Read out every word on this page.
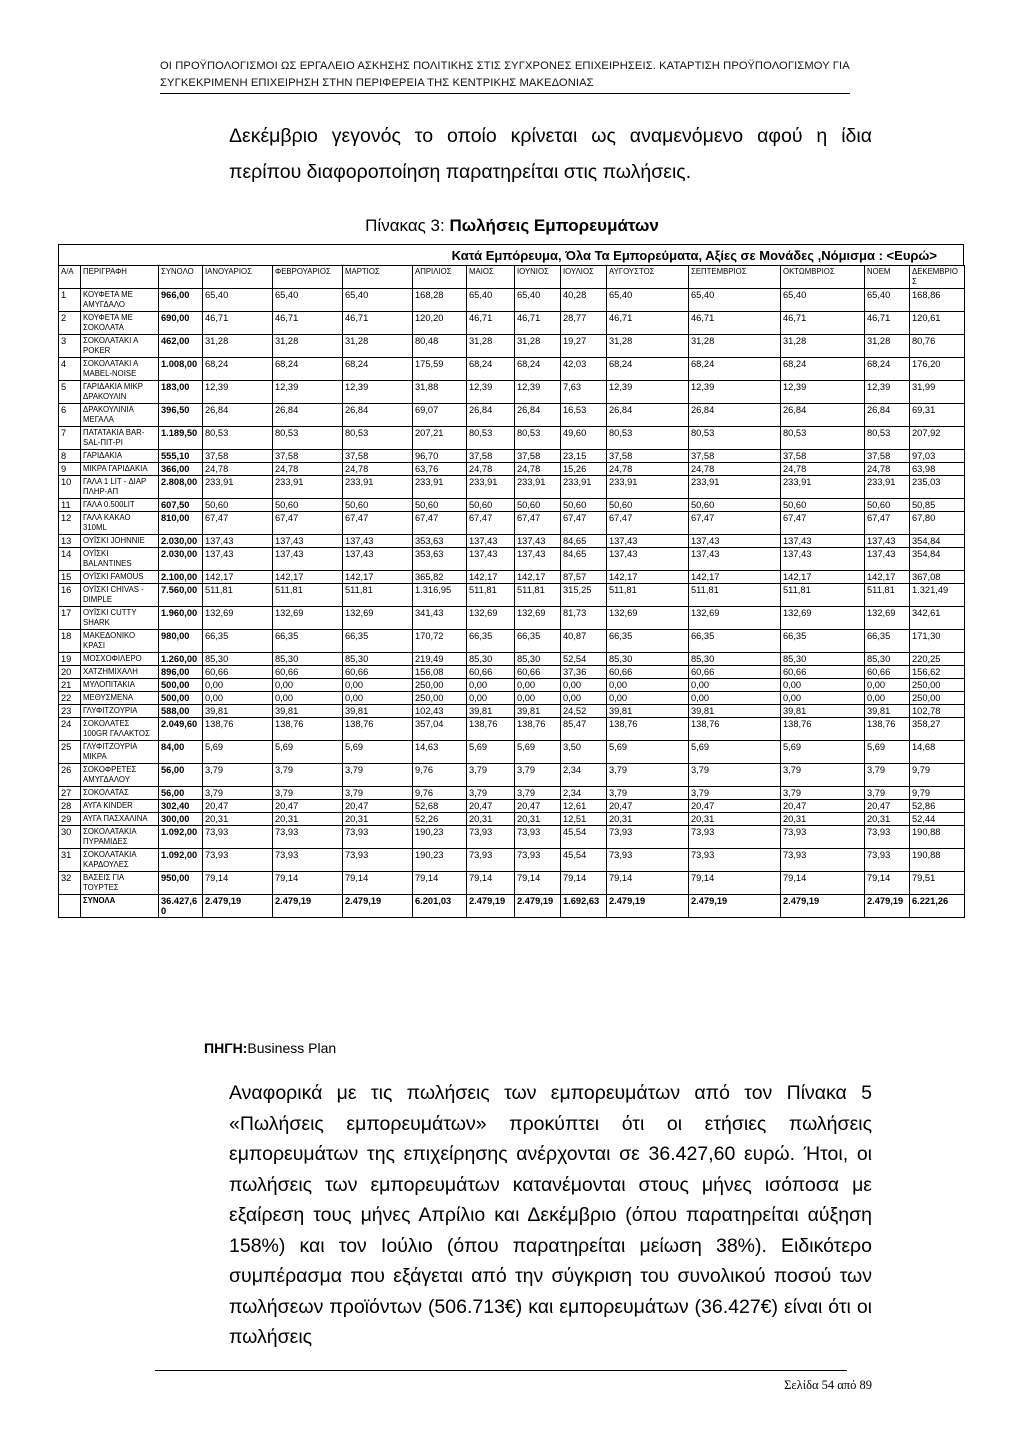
ΟΙ ΠΡΟΫΠΟΛΟΓΙΣΜΟΙ ΩΣ ΕΡΓΑΛΕΙΟ ΑΣΚΗΣΗΣ ΠΟΛΙΤΙΚΗΣ ΣΤΙΣ ΣΥΓΧΡΟΝΕΣ ΕΠΙΧΕΙΡΗΣΕΙΣ. ΚΑΤΑΡΤΙΣΗ ΠΡΟΫΠΟΛΟΓΙΣΜΟΥ ΓΙΑ ΣΥΓΚΕΚΡΙΜΕΝΗ ΕΠΙΧΕΙΡΗΣΗ ΣΤΗΝ ΠΕΡΙΦΕΡΕΙΑ ΤΗΣ ΚΕΝΤΡΙΚΗΣ ΜΑΚΕΔΟΝΙΑΣ

Δεκέμβριο γεγονός το οποίο κρίνεται ως αναμενόμενο αφού η ίδια περίπου διαφοροποίηση παρατηρείται στις πωλήσεις.

Πίνακας 3: Πωλήσεις Εμπορευμάτων
Κατά Εμπόρευμα, Όλα Τα Εμπορεύματα, Αξίες σε Μονάδες ,Νόμισμα : <Ευρώ>
Α/Α	ΠΕΡΙΓΡΑΦΗ	ΣΥΝΟΛΟ	ΙΑΝΟΥΑΡΙΟΣ	ΦΕΒΡΟΥΑΡΙΟΣ	ΜΑΡΤΙΟΣ	ΑΠΡΙΛΙΟΣ	ΜΑΙΟΣ	ΙΟΥΝΙΟΣ	ΙΟΥΛΙΟΣ	ΑΥΓΟΥΣΤΟΣ	ΣΕΠΤΕΜΒΡΙΟΣ	ΟΚΤΩΜΒΡΙΟΣ	ΝΟΕΜ	ΔΕΚΕΜΒΡΙΟΣ
1	ΚΟΥΦΕΤΑ ΜΕ ΑΜΥΓΔΑΛΟ	966,00	65,40	65,40	65,40	168,28	65,40	65,40	40,28	65,40	65,40	65,40	65,40	168,86
2	ΚΟΥΦΕΤΑ ΜΕ ΣΟΚΟΛΑΤΑ	690,00	46,71	46,71	46,71	120,20	46,71	46,71	28,77	46,71	46,71	46,71	46,71	120,61
3	ΣΟΚΟΛΑΤΑΚΙ Α POKER	462,00	31,28	31,28	31,28	80,48	31,28	31,28	19,27	31,28	31,28	31,28	31,28	80,76
4	ΣΟΚΟΛΑΤΑΚΙ Α MABEL-NOISE	1.008,00	68,24	68,24	68,24	175,59	68,24	68,24	42,03	68,24	68,24	68,24	68,24	176,20
5	ΓΑΡΙΔΑΚΙΑ ΜΙΚΡ ΔΡΑΚΟΥΛΙΝ	183,00	12,39	12,39	12,39	31,88	12,39	12,39	7,63	12,39	12,39	12,39	12,39	31,99
6	ΔΡΑΚΟΥΛΙΝΙΑ ΜΕΓΑΛΑ	396,50	26,84	26,84	26,84	69,07	26,84	26,84	16,53	26,84	26,84	26,84	26,84	69,31
7	ΠΑΤΑΤΑΚΙΑ BAR-SAL-ΠΙΤ-ΡΙ	1.189,50	80,53	80,53	80,53	207,21	80,53	80,53	49,60	80,53	80,53	80,53	80,53	207,92
8	ΓΑΡΙΔΑΚΙΑ	555,10	37,58	37,58	37,58	96,70	37,58	37,58	23,15	37,58	37,58	37,58	37,58	97,03
9	ΜΙΚΡΑ ΓΑΡΙΔΑΚΙΑ	366,00	24,78	24,78	24,78	63,76	24,78	24,78	15,26	24,78	24,78	24,78	24,78	63,98
10	ΓΑΛΑ 1 LIT - ΔΙΑΡ ΠΛΗΡ-ΑΠ	2.808,00	233,91	233,91	233,91	233,91	233,91	233,91	233,91	233,91	233,91	233,91	233,91	235,03
11	ΓΑΛΑ 0.500LIT	607,50	50,60	50,60	50,60	50,60	50,60	50,60	50,60	50,60	50,60	50,60	50,60	50,85
12	ΓΑΛΑ ΚΑΚΑΟ 310ML	810,00	67,47	67,47	67,47	67,47	67,47	67,47	67,47	67,47	67,47	67,47	67,47	67,80
13	ΟΥΪΣΚΙ JOHNNIE	2.030,00	137,43	137,43	137,43	353,63	137,43	137,43	84,65	137,43	137,43	137,43	137,43	354,84
14	ΟΥΪΣΚΙ BALANTINES	2.030,00	137,43	137,43	137,43	353,63	137,43	137,43	84,65	137,43	137,43	137,43	137,43	354,84
15	ΟΥΪΣΚΙ FAMOUS	2.100,00	142,17	142,17	142,17	365,82	142,17	142,17	87,57	142,17	142,17	142,17	142,17	367,08
16	ΟΥΪΣΚΙ CHIVAS - DIMPLE	7.560,00	511,81	511,81	511,81	1.316,95	511,81	511,81	315,25	511,81	511,81	511,81	511,81	1.321,49
17	ΟΥΪΣΚΙ CUTTY SHARK	1.960,00	132,69	132,69	132,69	341,43	132,69	132,69	81,73	132,69	132,69	132,69	132,69	342,61
18	ΜΑΚΕΔΟΝΙΚΟ ΚΡΑΣΙ	980,00	66,35	66,35	66,35	170,72	66,35	66,35	40,87	66,35	66,35	66,35	66,35	171,30
19	ΜΟΣΧΟΦΙΛΕΡΟ	1.260,00	85,30	85,30	85,30	219,49	85,30	85,30	52,54	85,30	85,30	85,30	85,30	220,25
20	ΧΑΤΖΗΜΙΧΑΛΗ	896,00	60,66	60,66	60,66	156,08	60,66	60,66	37,36	60,66	60,66	60,66	60,66	156,62
21	ΜΥΛΟΠΙΤΑΚΙΑ	500,00	0,00	0,00	0,00	250,00	0,00	0,00	0,00	0,00	0,00	0,00	0,00	250,00
22	ΜΕΘΥΣΜΕΝΑ	500,00	0,00	0,00	0,00	250,00	0,00	0,00	0,00	0,00	0,00	0,00	0,00	250,00
23	ΓΛΥΦΙΤΖΟΥΡΙΑ	588,00	39,81	39,81	39,81	102,43	39,81	39,81	24,52	39,81	39,81	39,81	39,81	102,78
24	ΣΟΚΟΛΑΤΕΣ 100GR ΓΑΛΑΚΤΟΣ	2.049,60	138,76	138,76	138,76	357,04	138,76	138,76	85,47	138,76	138,76	138,76	138,76	358,27
25	ΓΛΥΦΙΤΖΟΥΡΙΑ ΜΙΚΡΑ	84,00	5,69	5,69	5,69	14,63	5,69	5,69	3,50	5,69	5,69	5,69	5,69	14,68
26	ΣΟΚΟΦΡΕΤΕΣ ΑΜΥΓΔΑΛΟΥ	56,00	3,79	3,79	3,79	9,76	3,79	3,79	2,34	3,79	3,79	3,79	3,79	9,79
27	ΣΟΚΟΛΑΤΑΣ	56,00	3,79	3,79	3,79	9,76	3,79	3,79	2,34	3,79	3,79	3,79	3,79	9,79
28	ΑΥΓΑ KINDER	302,40	20,47	20,47	20,47	52,68	20,47	20,47	12,61	20,47	20,47	20,47	20,47	52,86
29	ΑΥΓΑ ΠΑΣΧΑΛΙΝΑ	300,00	20,31	20,31	20,31	52,26	20,31	20,31	12,51	20,31	20,31	20,31	20,31	52,44
30	ΣΟΚΟΛΑΤΑΚΙΑ ΠΥΡΑΜΙΔΕΣ	1.092,00	73,93	73,93	73,93	190,23	73,93	73,93	45,54	73,93	73,93	73,93	73,93	190,88
31	ΣΟΚΟΛΑΤΑΚΙΑ ΚΑΡΔΟΥΛΕΣ	1.092,00	73,93	73,93	73,93	190,23	73,93	73,93	45,54	73,93	73,93	73,93	73,93	190,88
32	ΒΑΣΕΙΣ ΓΙΑ ΤΟΥΡΤΕΣ	950,00	79,14	79,14	79,14	79,14	79,14	79,14	79,14	79,14	79,14	79,14	79,14	79,51
	ΣΥΝΟΛΑ	36.427,60	2.479,19	2.479,19	2.479,19	6.201,03	2.479,19	2.479,19	1.692,63	2.479,19	2.479,19	2.479,19	2.479,19	6.221,26
ΠΗΓΗ:Business Plan

Αναφορικά με τις πωλήσεις των εμπορευμάτων από τον Πίνακα 5 «Πωλήσεις εμπορευμάτων» προκύπτει ότι οι ετήσιες πωλήσεις εμπορευμάτων της επιχείρησης ανέρχονται σε 36.427,60 ευρώ. Ήτοι, οι πωλήσεις των εμπορευμάτων κατανέμονται στους μήνες ισόποσα με εξαίρεση τους μήνες Απρίλιο και Δεκέμβριο (όπου παρατηρείται αύξηση 158%) και τον Ιούλιο (όπου παρατηρείται μείωση 38%). Ειδικότερο συμπέρασμα που εξάγεται από την σύγκριση του συνολικού ποσού των πωλήσεων προϊόντων (506.713€) και εμπορευμάτων (36.427€) είναι ότι οι πωλήσεις

Σελίδα 54 από 89
